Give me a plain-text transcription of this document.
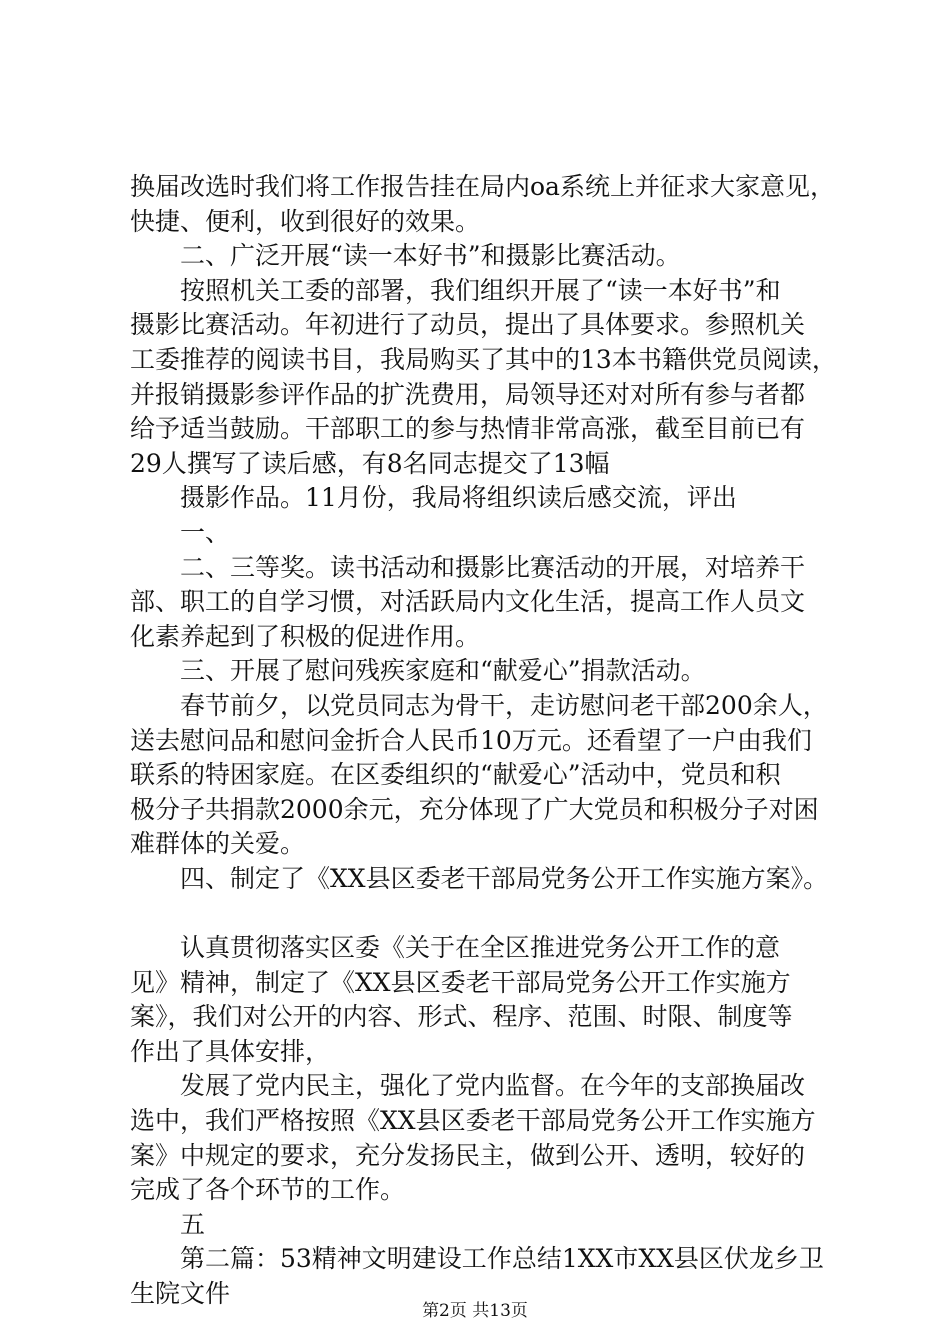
换届改选时我们将工作报告挂在局内oa系统上并征求大家意见，
快捷、便利，收到很好的效果。
二、广泛开展“读一本好书”和摄影比赛活动。
按照机关工委的部署，我们组织开展了“读一本好书”和
摄影比赛活动。年初进行了动员，提出了具体要求。参照机关
工委推荐的阅读书目，我局购买了其中的13本书籍供党员阅读，
并报销摄影参评作品的扩洗费用，局领导还对对所有参与者都
给予适当鼓励。干部职工的参与热情非常高涨，截至目前已有
29人撰写了读后感，有8名同志提交了13幅
摄影作品。11月份，我局将组织读后感交流，评出
一、
二、三等奖。读书活动和摄影比赛活动的开展，对培养干
部、职工的自学习惯，对活跃局内文化生活，提高工作人员文
化素养起到了积极的促进作用。
三、开展了慰问残疾家庭和“献爱心”捐款活动。
春节前夕，以党员同志为骨干，走访慰问老干部200余人，
送去慰问品和慰问金折合人民币10万元。还看望了一户由我们
联系的特困家庭。在区委组织的“献爱心”活动中，党员和积
极分子共捐款2000余元，充分体现了广大党员和积极分子对困
难群体的关爱。
四、制定了《XX县区委老干部局党务公开工作实施方案》。
认真贯彻落实区委《关于在全区推进党务公开工作的意
见》精神，制定了《XX县区委老干部局党务公开工作实施方
案》，我们对公开的内容、形式、程序、范围、时限、制度等
作出了具体安排，
发展了党内民主，强化了党内监督。在今年的支部换届改
选中，我们严格按照《XX县区委老干部局党务公开工作实施方
案》中规定的要求，充分发扬民主，做到公开、透明，较好的
完成了各个环节的工作。
五
第二篇：53精神文明建设工作总结1XX市XX县区伏龙乡卫
生院文件
第2页 共13页
